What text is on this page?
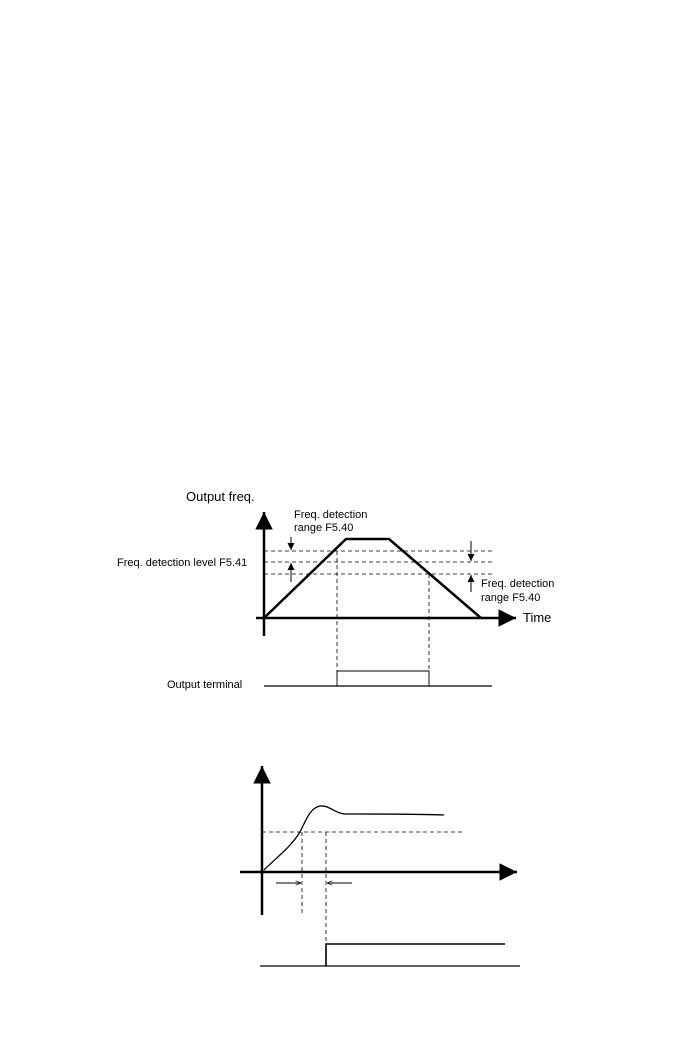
Output freq.
Time
Freq. detection
range F5.40
Freq. detection level F5.41
Freq. detection
range F5.40
Output terminal
